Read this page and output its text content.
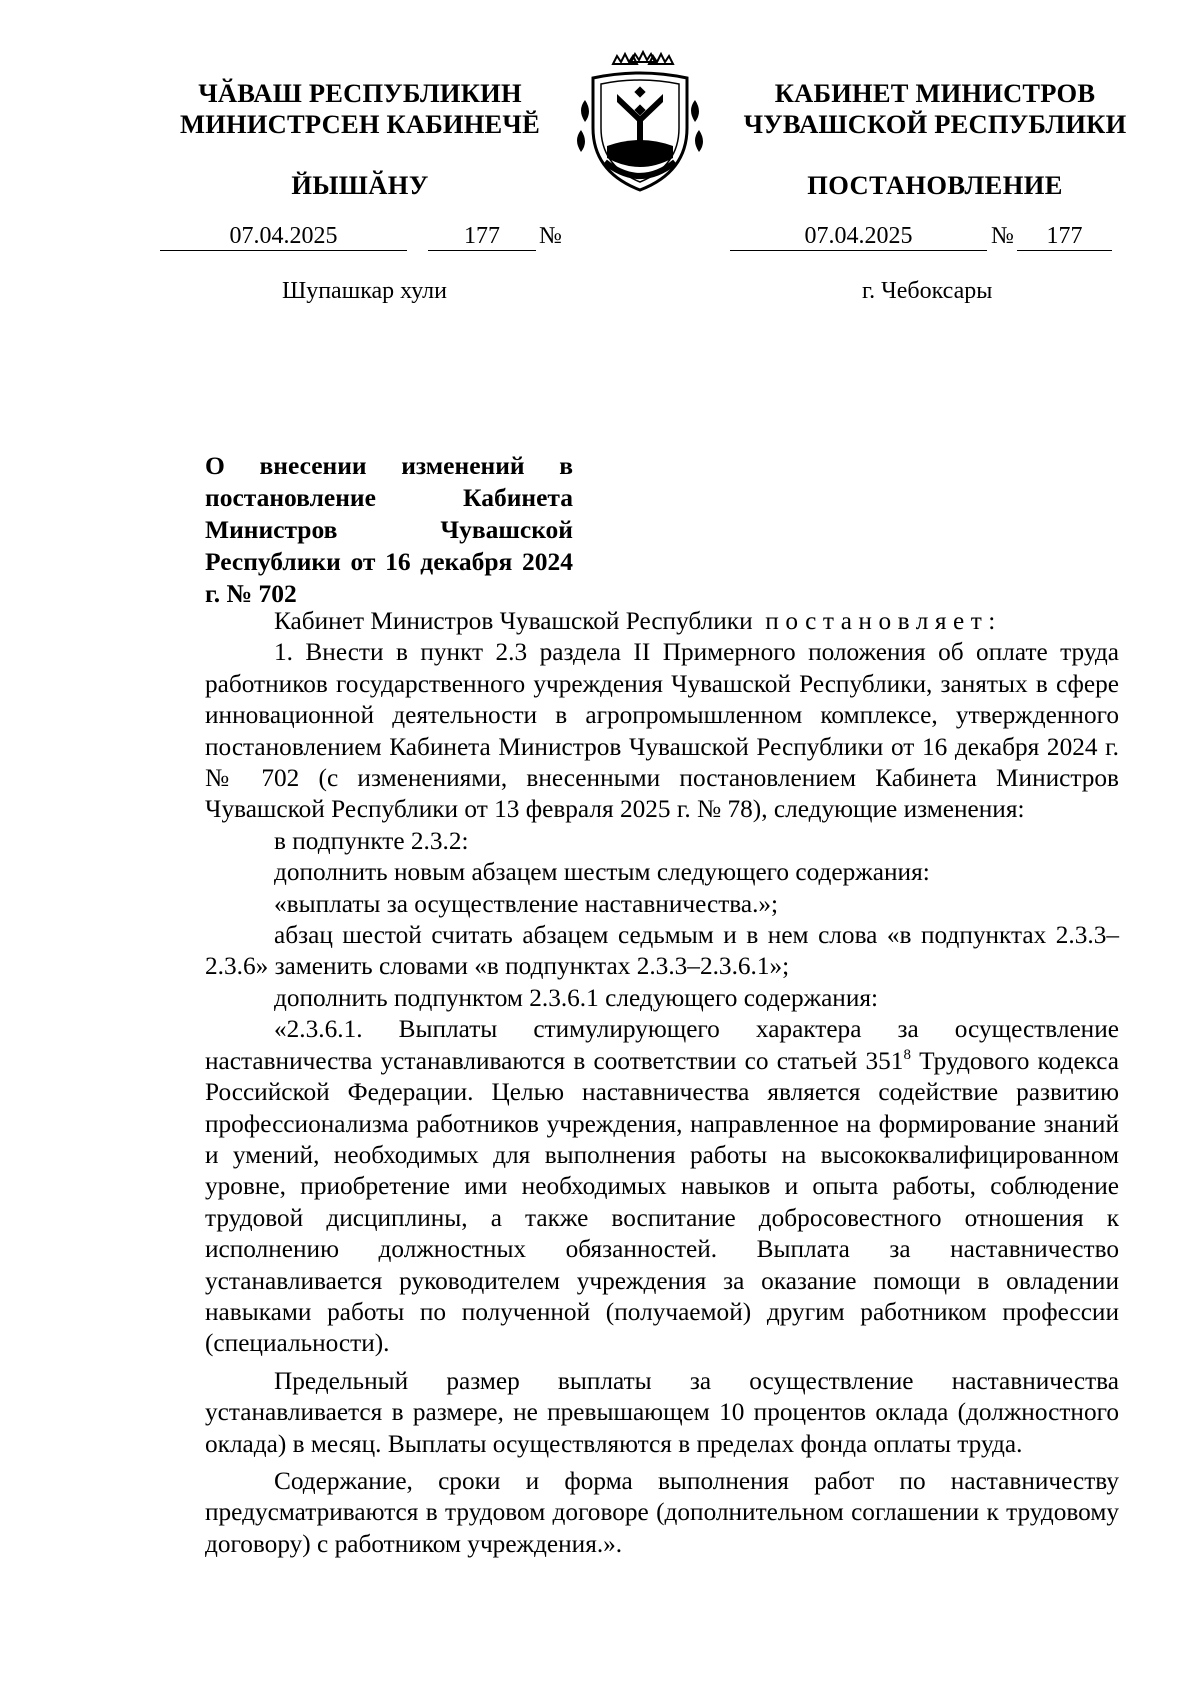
ЧӐВАШ РЕСПУБЛИКИН
МИНИСТРСЕН КАБИНЕЧӖ
ЙЫШӐНУ
КАБИНЕТ МИНИСТРОВ
ЧУВАШСКОЙ РЕСПУБЛИКИ
ПОСТАНОВЛЕНИЕ
07.04.2025	177	№	07.04.2025	№	177
Шупашкар хули	г. Чебоксары
О внесении изменений в постановление Кабинета Министров Чувашской Республики от 16 декабря 2024 г. № 702

Кабинет Министров Чувашской Республики постановляет:

1. Внести в пункт 2.3 раздела II Примерного положения об оплате труда работников государственного учреждения Чувашской Республики, занятых в сфере инновационной деятельности в агропромышленном комплексе, утвержденного постановлением Кабинета Министров Чувашской Республики от 16 декабря 2024 г. № 702 (с изменениями, внесенными постановлением Кабинета Министров Чувашской Республики от 13 февраля 2025 г. № 78), следующие изменения:

в подпункте 2.3.2:

дополнить новым абзацем шестым следующего содержания:

«выплаты за осуществление наставничества.»;

абзац шестой считать абзацем седьмым и в нем слова «в подпунктах 2.3.3–2.3.6» заменить словами «в подпунктах 2.3.3–2.3.6.1»;

дополнить подпунктом 2.3.6.1 следующего содержания:

«2.3.6.1. Выплаты стимулирующего характера за осуществление наставничества устанавливаются в соответствии со статьей $351^8$ Трудового кодекса Российской Федерации. Целью наставничества является содействие развитию профессионализма работников учреждения, направленное на формирование знаний и умений, необходимых для выполнения работы на высококвалифицированном уровне, приобретение ими необходимых навыков и опыта работы, соблюдение трудовой дисциплины, а также воспитание добросовестного отношения к исполнению должностных обязанностей. Выплата за наставничество устанавливается руководителем учреждения за оказание помощи в овладении навыками работы по полученной (получаемой) другим работником профессии (специальности).

Предельный размер выплаты за осуществление наставничества устанавливается в размере, не превышающем 10 процентов оклада (должностного оклада) в месяц. Выплаты осуществляются в пределах фонда оплаты труда.

Содержание, сроки и форма выполнения работ по наставничеству предусматриваются в трудовом договоре (дополнительном соглашении к трудовому договору) с работником учреждения.».
